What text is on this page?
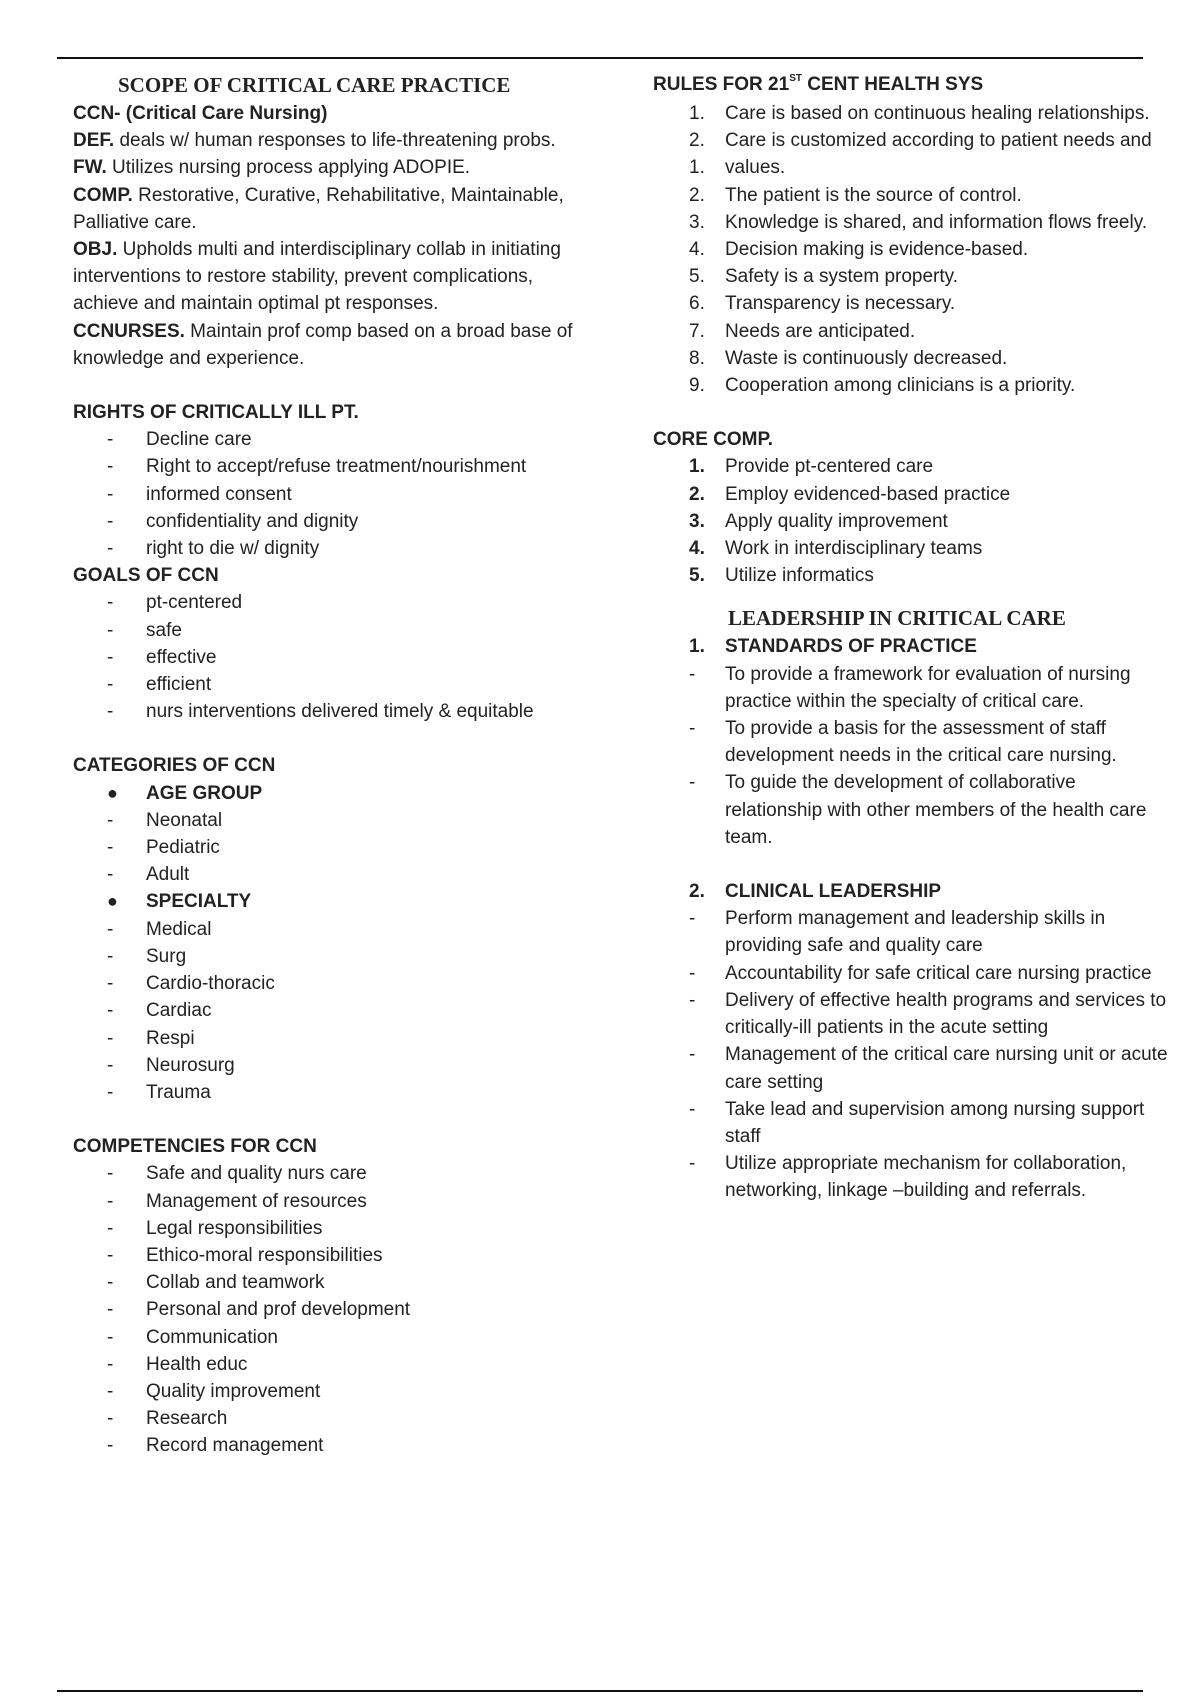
SCOPE OF CRITICAL CARE PRACTICE
CCN- (Critical Care Nursing)

DEF. deals w/ human responses to life-threatening probs.

FW. Utilizes nursing process applying ADOPIE.

COMP. Restorative, Curative, Rehabilitative, Maintainable, Palliative care.

OBJ. Upholds multi and interdisciplinary collab in initiating interventions to restore stability, prevent complications, achieve and maintain optimal pt responses.

CCNURSES. Maintain prof comp based on a broad base of knowledge and experience.

RIGHTS OF CRITICALLY ILL PT.
-	Decline care
-	Right to accept/refuse treatment/nourishment
-	informed consent
-	confidentiality and dignity
-	right to die w/ dignity
GOALS OF CCN
-	pt-centered
-	safe
-	effective
-	efficient
-	nurs interventions delivered timely & equitable
CATEGORIES OF CCN
●	AGE GROUP
-	Neonatal
-	Pediatric
-	Adult
●	SPECIALTY
-	Medical
-	Surg
-	Cardio-thoracic
-	Cardiac
-	Respi
-	Neurosurg
-	Trauma
COMPETENCIES FOR CCN
-	Safe and quality nurs care
-	Management of resources
-	Legal responsibilities
-	Ethico-moral responsibilities
-	Collab and teamwork
-	Personal and prof development
-	Communication
-	Health educ
-	Quality improvement
-	Research
-	Record management
RULES FOR 21ST CENT HEALTH SYS
1.	Care is based on continuous healing relationships.
2.	Care is customized according to patient needs and
1.	values.
2.	The patient is the source of control.
3.	Knowledge is shared, and information flows freely.
4.	Decision making is evidence-based.
5.	Safety is a system property.
6.	Transparency is necessary.
7.	Needs are anticipated.
8.	Waste is continuously decreased.
9.	Cooperation among clinicians is a priority.
CORE COMP.
1.	Provide pt-centered care
2.	Employ evidenced-based practice
3.	Apply quality improvement
4.	Work in interdisciplinary teams
5.	Utilize informatics
LEADERSHIP IN CRITICAL CARE
1.	STANDARDS OF PRACTICE
-	To provide a framework for evaluation of nursing practice within the specialty of critical care.
-	To provide a basis for the assessment of staff development needs in the critical care nursing.
-	To guide the development of collaborative relationship with other members of the health care team.
2.	CLINICAL LEADERSHIP
-	Perform management and leadership skills in providing safe and quality care
-	Accountability for safe critical care nursing practice
-	Delivery of effective health programs and services to critically-ill patients in the acute setting
-	Management of the critical care nursing unit or acute care setting
-	Take lead and supervision among nursing support staff
-	Utilize appropriate mechanism for collaboration, networking, linkage –building and referrals.
